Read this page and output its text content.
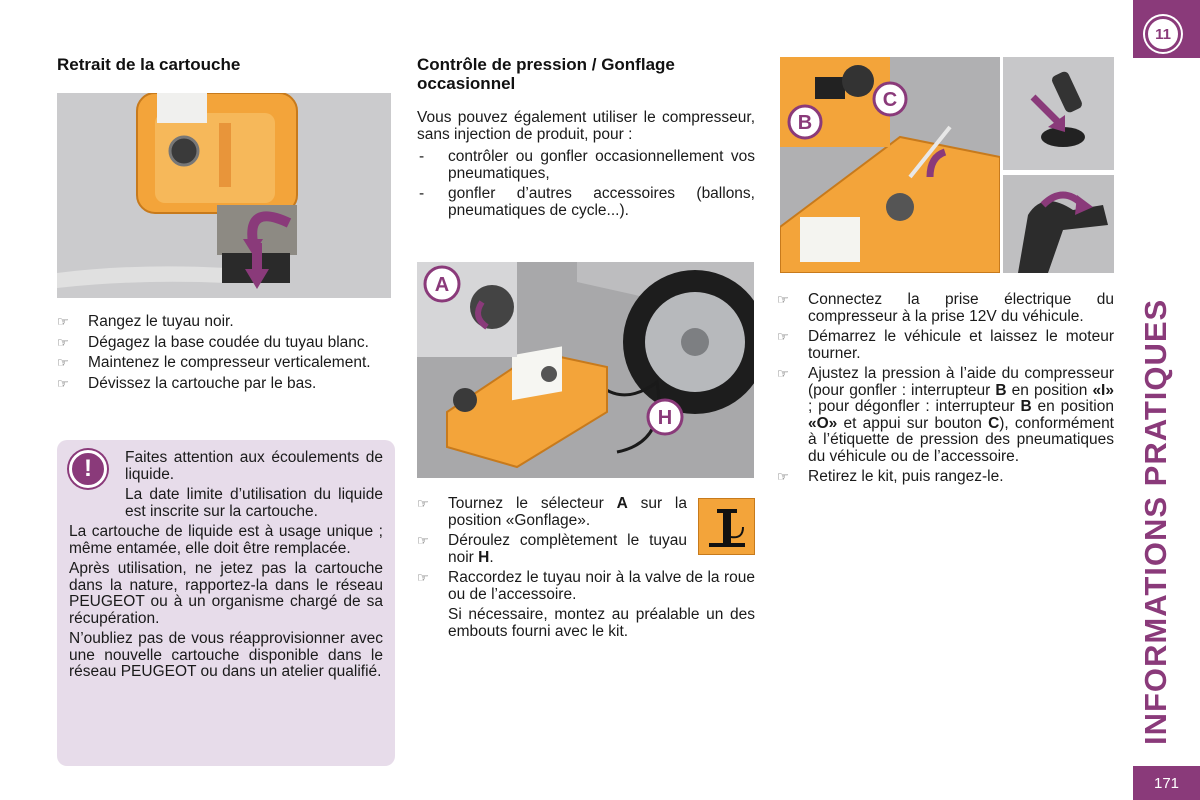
Retrait de la cartouche
☞ Rangez le tuyau noir.
☞ Dégagez la base coudée du tuyau blanc.
☞ Maintenez le compresseur verticalement.
☞ Dévissez la cartouche par le bas.
!	Faites attention aux écoulements de liquide.
La date limite d’utilisation du liquide est inscrite sur la cartouche.
La cartouche de liquide est à usage unique ; même entamée, elle doit être remplacée.
Après utilisation, ne jetez pas la cartouche dans la nature, rapportez-la dans le réseau PEUGEOT ou à un organisme chargé de sa récupération.
N’oubliez pas de vous réapprovisionner avec une nouvelle cartouche disponible dans le réseau PEUGEOT ou dans un atelier qualifié.
Contrôle de pression / Gonflage occasionnel
Vous pouvez également utiliser le compresseur, sans injection de produit, pour :
- contrôler ou gonfler occasionnellement vos pneumatiques,
- gonfler d’autres accessoires (ballons, pneumatiques de cycle...).
A
H
☞ Tournez le sélecteur A sur la position «Gonflage».
☞ Déroulez complètement le tuyau noir H.
☞ Raccordez le tuyau noir à la valve de la roue ou de l’accessoire.
Si nécessaire, montez au préalable un des embouts fourni avec le kit.
B
C
☞ Connectez la prise électrique du compresseur à la prise 12V du véhicule.
☞ Démarrez le véhicule et laissez le moteur tourner.
☞ Ajustez la pression à l’aide du compresseur (pour gonfler : interrupteur B en position «I» ; pour dégonfler : interrupteur B en position «O» et appui sur bouton C), conformément à l’étiquette de pression des pneumatiques du véhicule ou de l’accessoire.
☞ Retirez le kit, puis rangez-le.
11
INFORMATIONS PRATIQUES
171
